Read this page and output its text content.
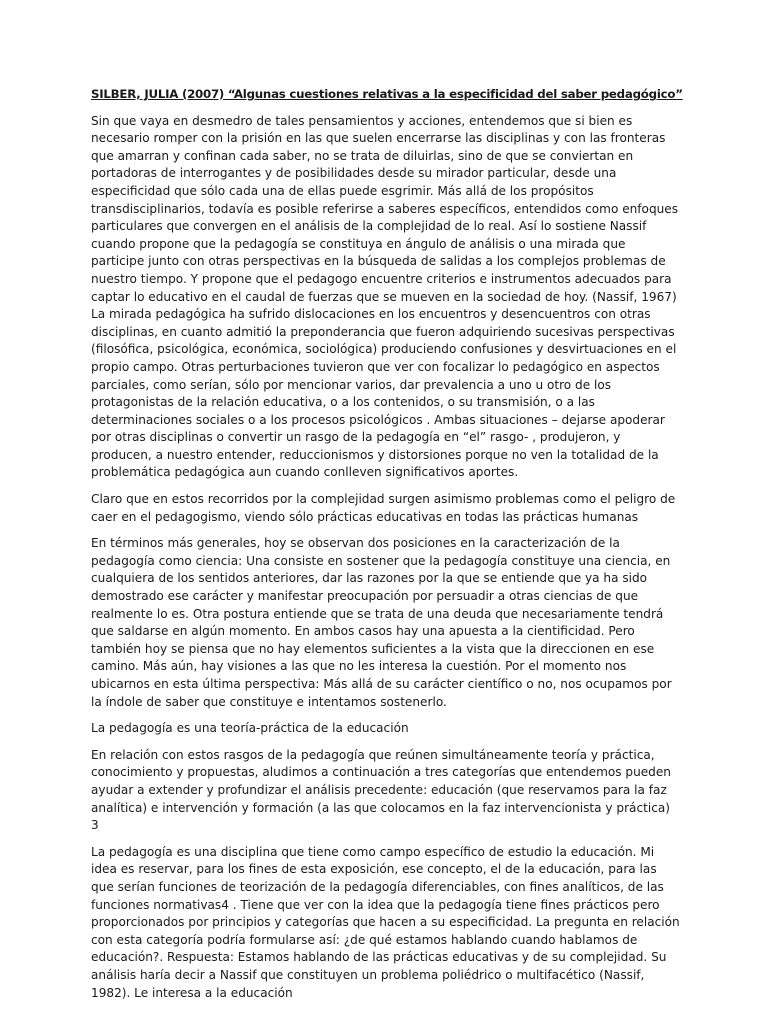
SILBER, JULIA (2007) “Algunas cuestiones relativas a la especificidad del saber pedagógico”

Sin que vaya en desmedro de tales pensamientos y acciones, entendemos que si bien es necesario romper con la prisión en las que suelen encerrarse las disciplinas y con las fronteras que amarran y confinan cada saber, no se trata de diluirlas, sino de que se conviertan en portadoras de interrogantes y de posibilidades desde su mirador particular, desde una especificidad que sólo cada una de ellas puede esgrimir. Más allá de los propósitos transdisciplinarios, todavía es posible referirse a saberes específicos, entendidos como enfoques particulares que convergen en el análisis de la complejidad de lo real. Así lo sostiene Nassif cuando propone que la pedagogía se constituya en ángulo de análisis o una mirada que participe junto con otras perspectivas en la búsqueda de salidas a los complejos problemas de nuestro tiempo. Y propone que el pedagogo encuentre criterios e instrumentos adecuados para captar lo educativo en el caudal de fuerzas que se mueven en la sociedad de hoy. (Nassif, 1967) La mirada pedagógica ha sufrido dislocaciones en los encuentros y desencuentros con otras disciplinas, en cuanto admitió la preponderancia que fueron adquiriendo sucesivas perspectivas (filosófica, psicológica, económica, sociológica) produciendo confusiones y desvirtuaciones en el propio campo. Otras perturbaciones tuvieron que ver con focalizar lo pedagógico en aspectos parciales, como serían, sólo por mencionar varios, dar prevalencia a uno u otro de los protagonistas de la relación educativa, o a los contenidos, o su transmisión, o a las determinaciones sociales o a los procesos psicológicos . Ambas situaciones – dejarse apoderar por otras disciplinas o convertir un rasgo de la pedagogía en “el” rasgo- , produjeron, y producen, a nuestro entender, reduccionismos y distorsiones porque no ven la totalidad de la problemática pedagógica aun cuando conlleven significativos aportes.

Claro que en estos recorridos por la complejidad surgen asimismo problemas como el peligro de caer en el pedagogismo, viendo sólo prácticas educativas en todas las prácticas humanas

En términos más generales, hoy se observan dos posiciones en la caracterización de la pedagogía como ciencia: Una consiste en sostener que la pedagogía constituye una ciencia, en cualquiera de los sentidos anteriores, dar las razones por la que se entiende que ya ha sido demostrado ese carácter y manifestar preocupación por persuadir a otras ciencias de que realmente lo es. Otra postura entiende que se trata de una deuda que necesariamente tendrá que saldarse en algún momento. En ambos casos hay una apuesta a la cientificidad. Pero también hoy se piensa que no hay elementos suficientes a la vista que la direccionen en ese camino. Más aún, hay visiones a las que no les interesa la cuestión. Por el momento nos ubicarnos en esta última perspectiva: Más allá de su carácter científico o no, nos ocupamos por la índole de saber que constituye e intentamos sostenerlo.

La pedagogía es una teoría-práctica de la educación

En relación con estos rasgos de la pedagogía que reúnen simultáneamente teoría y práctica, conocimiento y propuestas, aludimos a continuación a tres categorías que entendemos pueden ayudar a extender y profundizar el análisis precedente: educación (que reservamos para la faz analítica) e intervención y formación (a las que colocamos en la faz intervencionista y práctica) 3

La pedagogía es una disciplina que tiene como campo específico de estudio la educación. Mi idea es reservar, para los fines de esta exposición, ese concepto, el de la educación, para las que serían funciones de teorización de la pedagogía diferenciables, con fines analíticos, de las funciones normativas4 . Tiene que ver con la idea que la pedagogía tiene fines prácticos pero proporcionados por principios y categorías que hacen a su especificidad. La pregunta en relación con esta categoría podría formularse así: ¿de qué estamos hablando cuando hablamos de educación?. Respuesta: Estamos hablando de las prácticas educativas y de su complejidad. Su análisis haría decir a Nassif que constituyen un problema poliédrico o multifacético (Nassif, 1982). Le interesa a la educación
